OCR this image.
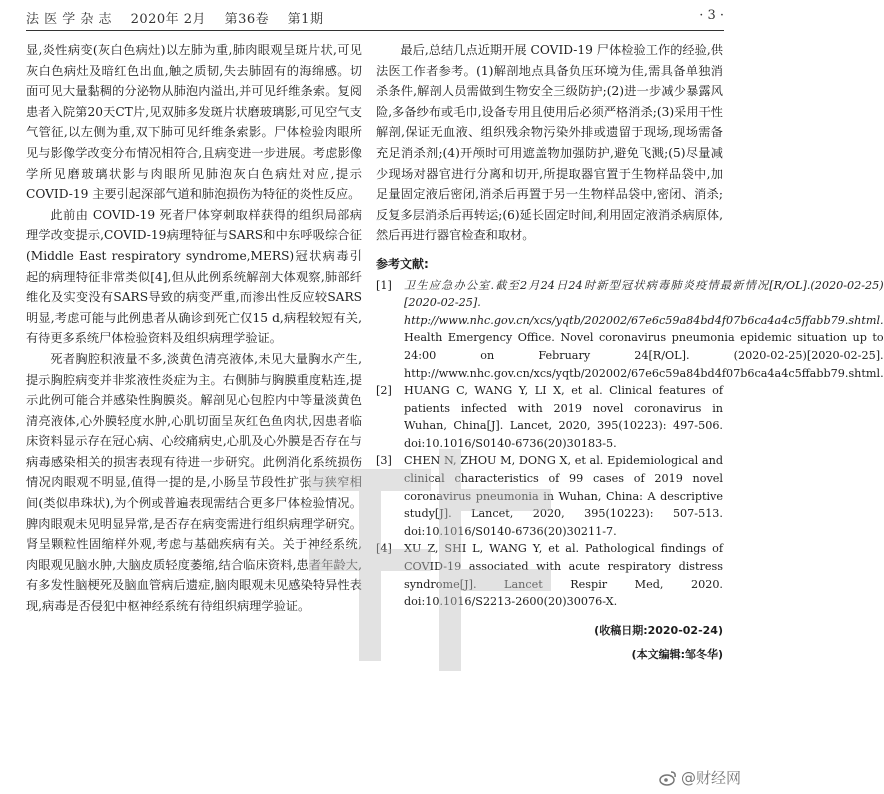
法 医 学 杂 志 2020年 2月 第36卷 第1期	· 3 ·

显,炎性病变(灰白色病灶)以左肺为重,肺肉眼观呈斑片状,可见灰白色病灶及暗红色出血,触之质韧,失去肺固有的海绵感。切面可见大量黏稠的分泌物从肺泡内溢出,并可见纤维条索。复阅患者入院第20天CT片,见双肺多发斑片状磨玻璃影,可见空气支气管征,以左侧为重,双下肺可见纤维条索影。尸体检验肉眼所见与影像学改变分布情况相符合,且病变进一步进展。考虑影像学所见磨玻璃状影与肉眼所见肺泡灰白色病灶对应,提示 COVID-19 主要引起深部气道和肺泡损伤为特征的炎性反应。

此前由 COVID-19 死者尸体穿刺取样获得的组织局部病理学改变提示,COVID-19病理特征与SARS和中东呼吸综合征(Middle East respiratory syndrome,MERS)冠状病毒引起的病理特征非常类似[4],但从此例系统解剖大体观察,肺部纤维化及实变没有SARS导致的病变严重,而渗出性反应较SARS明显,考虑可能与此例患者从确诊到死亡仅15 d,病程较短有关,有待更多系统尸体检验资料及组织病理学验证。

死者胸腔积液量不多,淡黄色清亮液体,未见大量胸水产生,提示胸腔病变并非浆液性炎症为主。右侧肺与胸膜重度粘连,提示此例可能合并感染性胸膜炎。解剖见心包腔内中等量淡黄色清亮液体,心外膜轻度水肿,心肌切面呈灰红色鱼肉状,因患者临床资料显示存在冠心病、心绞痛病史,心肌及心外膜是否存在与病毒感染相关的损害表现有待进一步研究。此例消化系统损伤情况肉眼观不明显,值得一提的是,小肠呈节段性扩张与狭窄相间(类似串珠状),为个例或普遍表现需结合更多尸体检验情况。脾肉眼观未见明显异常,是否存在病变需进行组织病理学研究。肾呈颗粒性固缩样外观,考虑与基础疾病有关。关于神经系统,肉眼观见脑水肿,大脑皮质轻度萎缩,结合临床资料,患者年龄大,有多发性脑梗死及脑血管病后遗症,脑肉眼观未见感染特异性表现,病毒是否侵犯中枢神经系统有待组织病理学验证。

最后,总结几点近期开展 COVID-19 尸体检验工作的经验,供法医工作者参考。(1)解剖地点具备负压环境为佳,需具备单独消杀条件,解剖人员需做到生物安全三级防护;(2)进一步减少暴露风险,多备纱布或毛巾,设备专用且使用后必须严格消杀;(3)采用干性解剖,保证无血液、组织残余物污染外排或遗留于现场,现场需备充足消杀剂;(4)开颅时可用遮盖物加强防护,避免飞溅;(5)尽量减少现场对器官进行分离和切开,所提取器官置于生物样品袋中,加足量固定液后密闭,消杀后再置于另一生物样品袋中,密闭、消杀;反复多层消杀后再转运;(6)延长固定时间,利用固定液消杀病原体,然后再进行器官检查和取材。

参考文献:
[1]	卫生应急办公室.截至2月24日24时新型冠状病毒肺炎疫情最新情况[R/OL].(2020-02-25)[2020-02-25]. http://www.nhc.gov.cn/xcs/yqtb/202002/67e6c59a84bd4f07b6ca4a4c5ffabb79.shtml.
Health Emergency Office. Novel coronavirus pneumonia epidemic situation up to 24:00 on February 24[R/OL]. (2020-02-25)[2020-02-25]. http://www.nhc.gov.cn/xcs/yqtb/202002/67e6c59a84bd4f07b6ca4a4c5ffabb79.shtml.
[2]	HUANG C, WANG Y, LI X, et al. Clinical features of patients infected with 2019 novel coronavirus in Wuhan, China[J]. Lancet, 2020, 395(10223): 497-506. doi:10.1016/S0140-6736(20)30183-5.
[3]	CHEN N, ZHOU M, DONG X, et al. Epidemiological and clinical characteristics of 99 cases of 2019 novel coronavirus pneumonia in Wuhan, China: A descriptive study[J]. Lancet, 2020, 395(10223): 507-513. doi:10.1016/S0140-6736(20)30211-7.
[4]	XU Z, SHI L, WANG Y, et al. Pathological findings of COVID-19 associated with acute respiratory distress syndrome[J]. Lancet Respir Med, 2020. doi:10.1016/S2213-2600(20)30076-X.
(收稿日期:2020-02-24)
(本文编辑:邹冬华)
@财经网
